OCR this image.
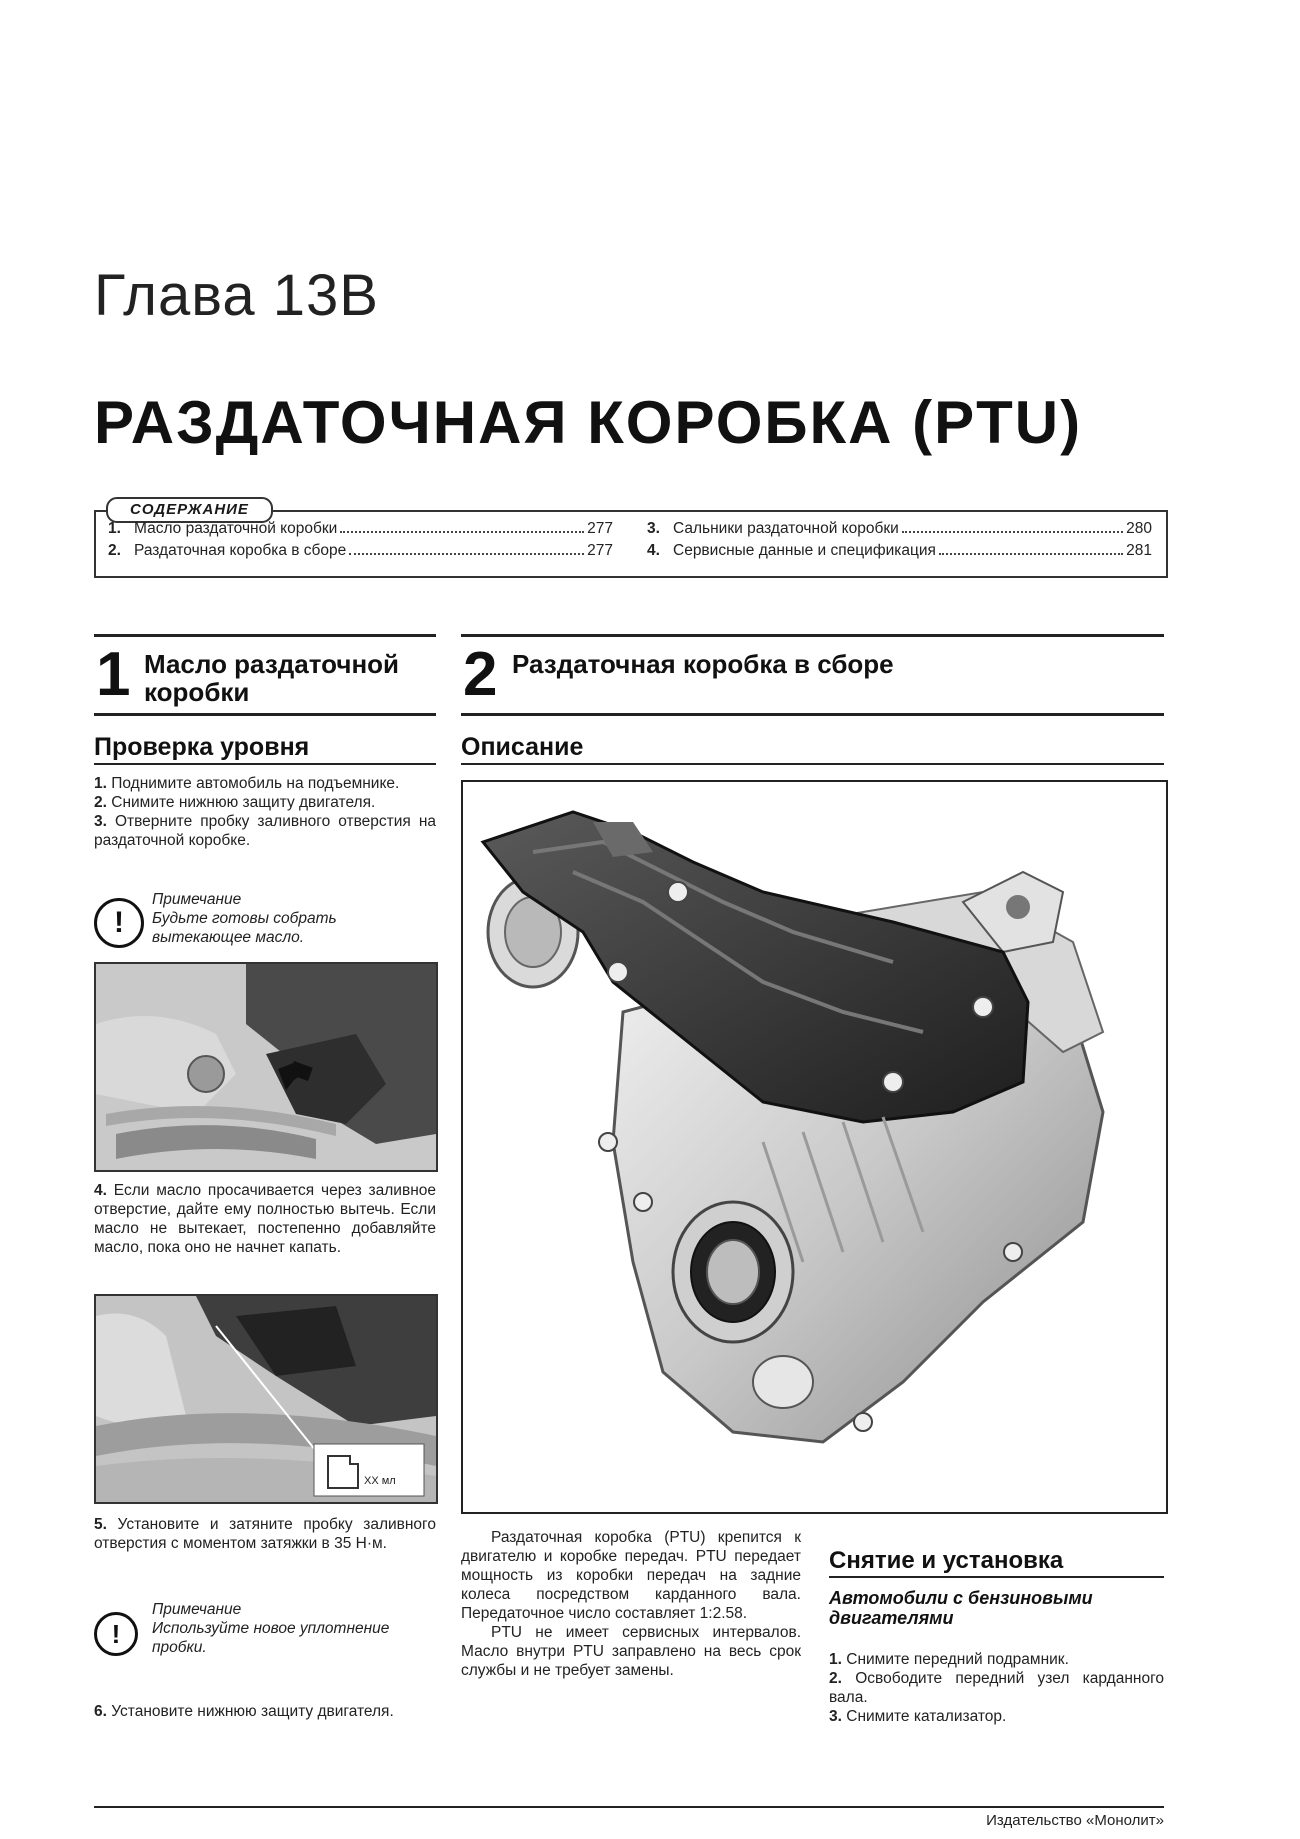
Глава 13В
РАЗДАТОЧНАЯ КОРОБКА (PTU)
СОДЕРЖАНИЕ
1. Масло раздаточной коробки	277
2. Раздаточная коробка в сборе	277
3. Сальники раздаточной коробки	280
4. Сервисные данные и спецификация	281
1 Масло раздаточной коробки
Проверка уровня

1. Поднимите автомобиль на подъемнике.

2. Снимите нижнюю защиту двигателя.

3. Отверните пробку заливного отверстия на раздаточной коробке.

!
Примечание
Будьте готовы собрать вытекающее масло.

4. Если масло просачивается через заливное отверстие, дайте ему полностью вытечь. Если масло не вытекает, постепенно добавляйте масло, пока оно не начнет капать.

XX мл

5. Установите и затяните пробку заливного отверстия с моментом затяжки в 35 Н·м.

!
Примечание
Используйте новое уплотнение пробки.

6. Установите нижнюю защиту двигателя.

2 Раздаточная коробка в сборе
Описание

Раздаточная коробка (PTU) крепится к двигателю и коробке передач. PTU передает мощность из коробки передач на задние колеса посредством карданного вала. Передаточное число составляет 1:2.58.

PTU не имеет сервисных интервалов. Масло внутри PTU заправлено на весь срок службы и не требует замены.

Снятие и установка
Автомобили с бензиновыми двигателями

1. Снимите передний подрамник.

2. Освободите передний узел карданного вала.

3. Снимите катализатор.

Издательство «Монолит»
